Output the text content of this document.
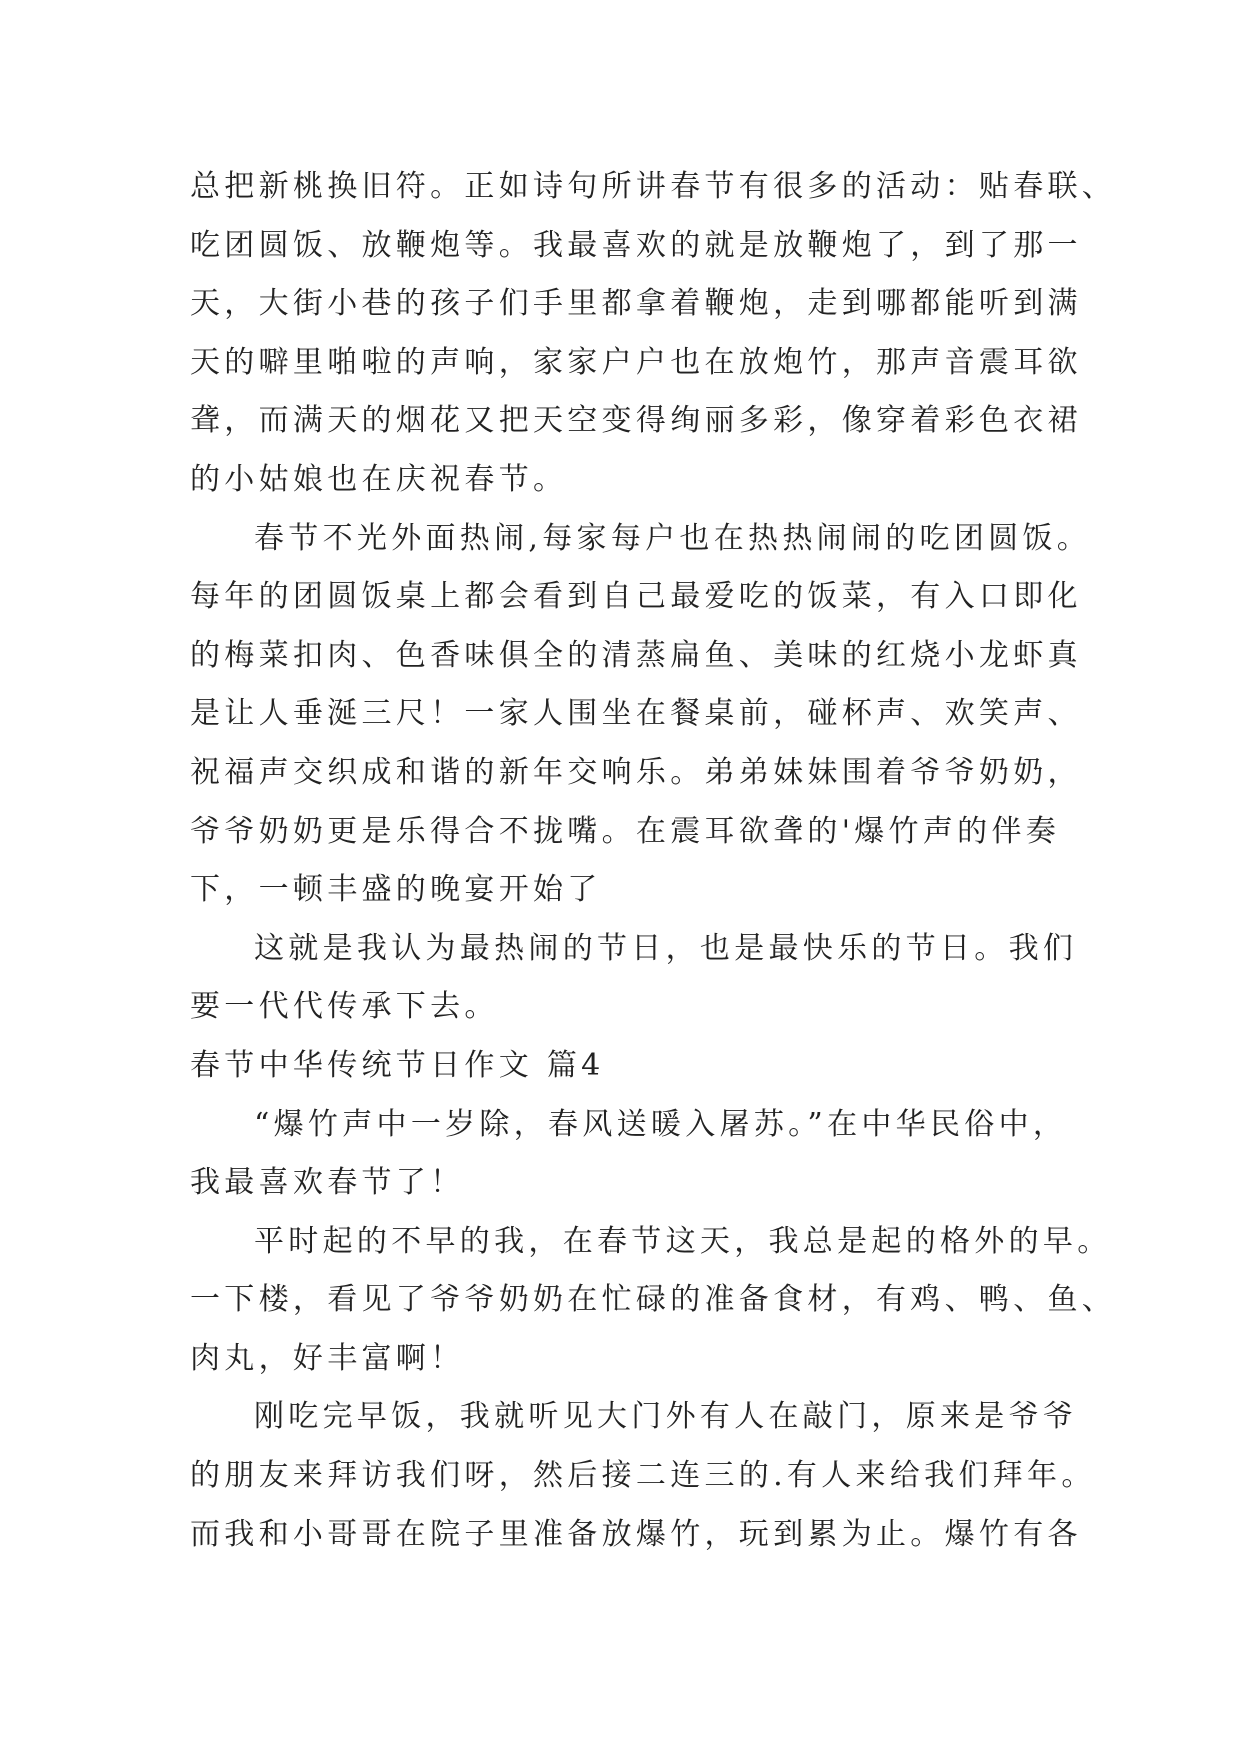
总把新桃换旧符。正如诗句所讲春节有很多的活动：贴春联、
吃团圆饭、放鞭炮等。我最喜欢的就是放鞭炮了，到了那一
天，大街小巷的孩子们手里都拿着鞭炮，走到哪都能听到满
天的噼里啪啦的声响，家家户户也在放炮竹，那声音震耳欲
聋，而满天的烟花又把天空变得绚丽多彩，像穿着彩色衣裙
的小姑娘也在庆祝春节。
春节不光外面热闹,每家每户也在热热闹闹的吃团圆饭。
每年的团圆饭桌上都会看到自己最爱吃的饭菜，有入口即化
的梅菜扣肉、色香味俱全的清蒸扁鱼、美味的红烧小龙虾真
是让人垂涎三尺！一家人围坐在餐桌前，碰杯声、欢笑声、
祝福声交织成和谐的新年交响乐。弟弟妹妹围着爷爷奶奶，
爷爷奶奶更是乐得合不拢嘴。在震耳欲聋的'爆竹声的伴奏
下，一顿丰盛的晚宴开始了
这就是我认为最热闹的节日，也是最快乐的节日。我们
要一代代传承下去。
春节中华传统节日作文 篇4
“爆竹声中一岁除，春风送暖入屠苏。”在中华民俗中，
我最喜欢春节了！
平时起的不早的我，在春节这天，我总是起的格外的早。
一下楼，看见了爷爷奶奶在忙碌的准备食材，有鸡、鸭、鱼、
肉丸，好丰富啊！
刚吃完早饭，我就听见大门外有人在敲门，原来是爷爷
的朋友来拜访我们呀，然后接二连三的.有人来给我们拜年。
而我和小哥哥在院子里准备放爆竹，玩到累为止。爆竹有各
